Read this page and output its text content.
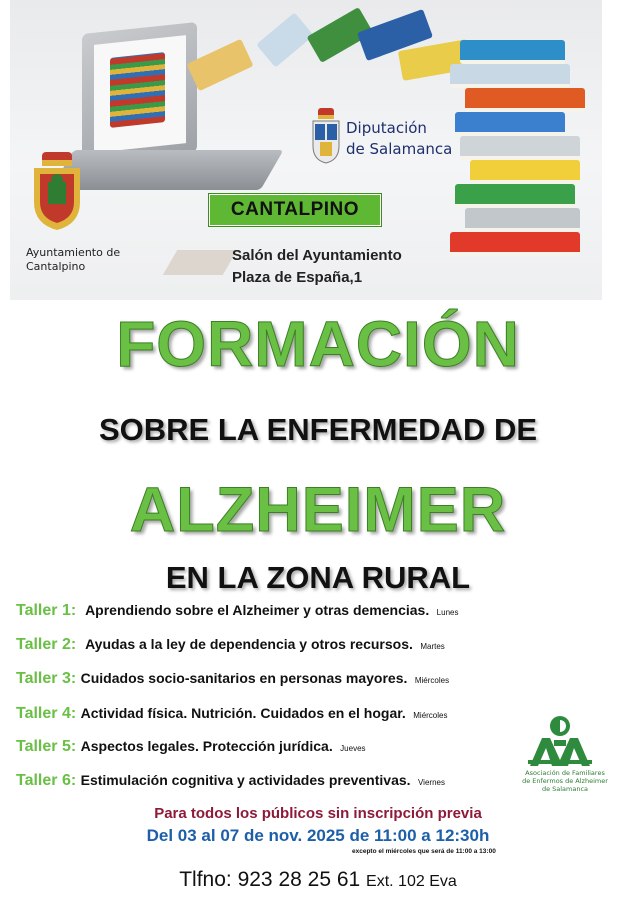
Ayuntamiento de Cantalpino
Diputación
de Salamanca
CANTALPINO
Salón del Ayuntamiento
Plaza de España,1
FORMACIÓN
SOBRE LA ENFERMEDAD DE
ALZHEIMER
EN LA ZONA RURAL
Taller 1: Aprendiendo sobre el Alzheimer y otras demencias. Lunes
Taller 2: Ayudas a la ley de dependencia y otros recursos. Martes
Taller 3: Cuidados socio-sanitarios en personas mayores. Miércoles
Taller 4: Actividad física. Nutrición. Cuidados en el hogar. Miércoles
Taller 5: Aspectos legales. Protección jurídica. Jueves
Taller 6: Estimulación cognitiva y actividades preventivas. Viernes
Asociación de Familiares
de Enfermos de Alzheimer
de Salamanca
Para todos los públicos sin inscripción previa
Del 03 al 07 de nov. 2025 de 11:00 a 12:30h
excepto el miércoles que será de 11:00 a 13:00
Tlfno: 923 28 25 61 Ext. 102 Eva
